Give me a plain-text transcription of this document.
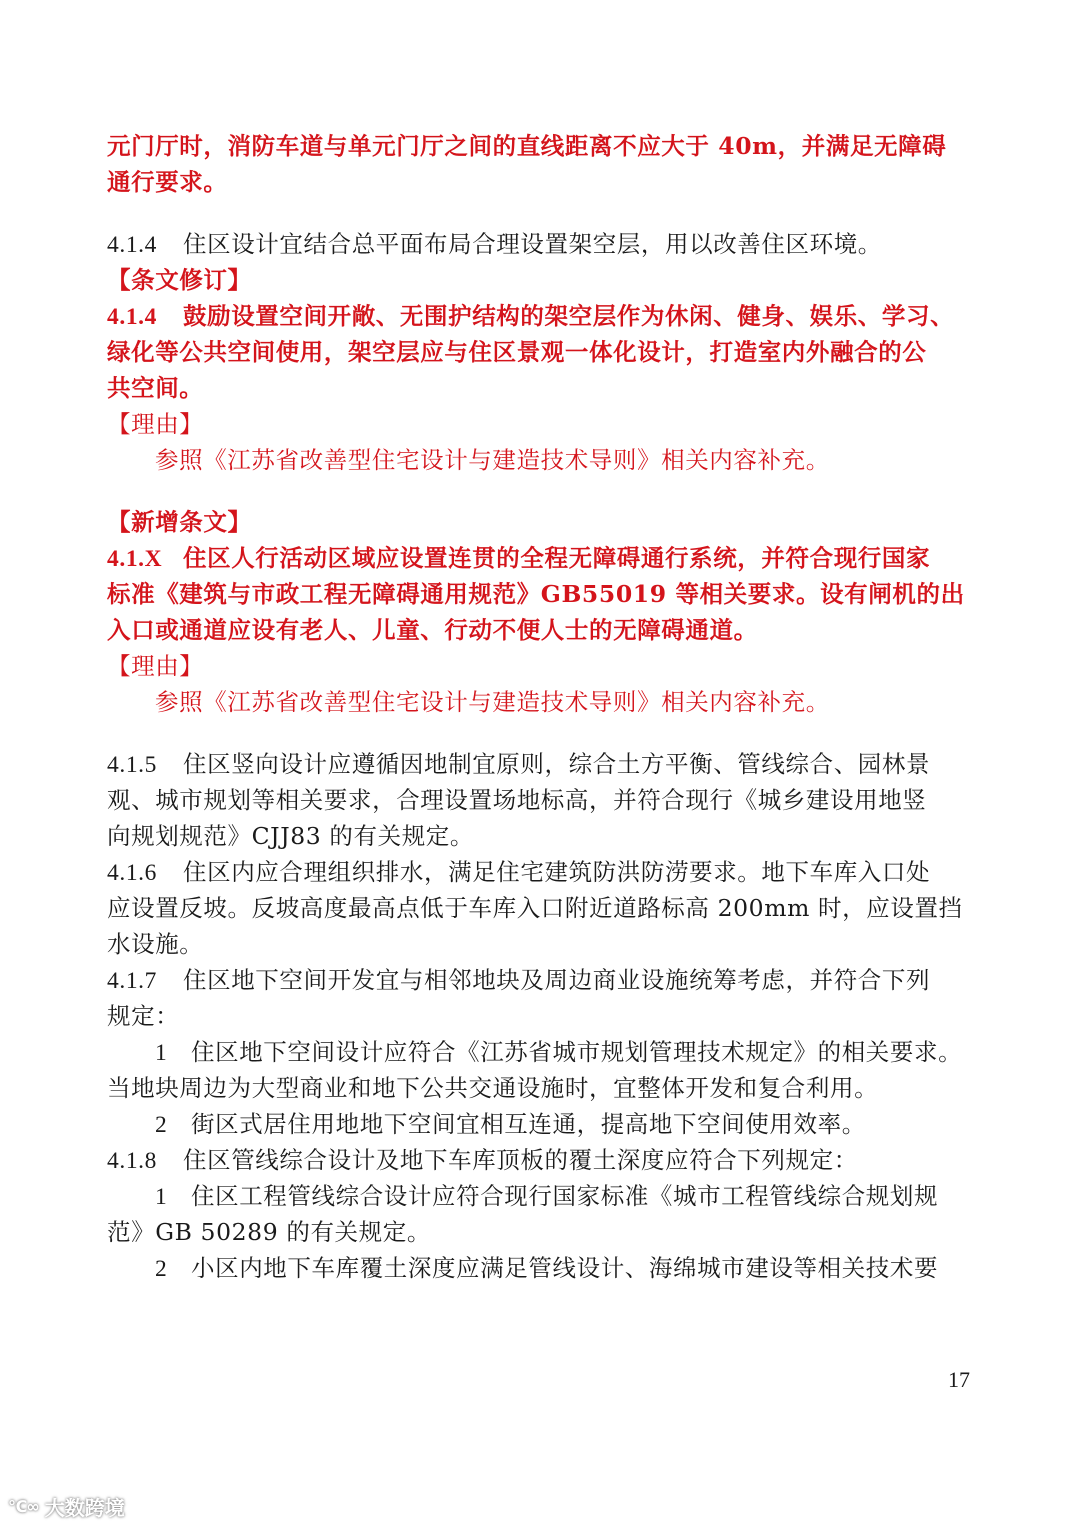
元门厅时，消防车道与单元门厅之间的直线距离不应大于 40m，并满足无障碍
通行要求。
4.1.4 住区设计宜结合总平面布局合理设置架空层，用以改善住区环境。
【条文修订】
4.1.4 鼓励设置空间开敞、无围护结构的架空层作为休闲、健身、娱乐、学习、
绿化等公共空间使用，架空层应与住区景观一体化设计，打造室内外融合的公
共空间。
【理由】
参照《江苏省改善型住宅设计与建造技术导则》相关内容补充。
【新增条文】
4.1.X 住区人行活动区域应设置连贯的全程无障碍通行系统，并符合现行国家
标准《建筑与市政工程无障碍通用规范》GB55019 等相关要求。设有闸机的出
入口或通道应设有老人、儿童、行动不便人士的无障碍通道。
【理由】
参照《江苏省改善型住宅设计与建造技术导则》相关内容补充。
4.1.5 住区竖向设计应遵循因地制宜原则，综合土方平衡、管线综合、园林景
观、城市规划等相关要求，合理设置场地标高，并符合现行《城乡建设用地竖
向规划规范》CJJ83 的有关规定。
4.1.6 住区内应合理组织排水，满足住宅建筑防洪防涝要求。地下车库入口处
应设置反坡。反坡高度最高点低于车库入口附近道路标高 200mm 时，应设置挡
水设施。
4.1.7 住区地下空间开发宜与相邻地块及周边商业设施统筹考虑，并符合下列
规定：
1 住区地下空间设计应符合《江苏省城市规划管理技术规定》的相关要求。
当地块周边为大型商业和地下公共交通设施时，宜整体开发和复合利用。
2 街区式居住用地地下空间宜相互连通，提高地下空间使用效率。
4.1.8 住区管线综合设计及地下车库顶板的覆土深度应符合下列规定：
1 住区工程管线综合设计应符合现行国家标准《城市工程管线综合规划规
范》GB 50289 的有关规定。
2 小区内地下车库覆土深度应满足管线设计、海绵城市建设等相关技术要
17
℃∞ 大数跨境
